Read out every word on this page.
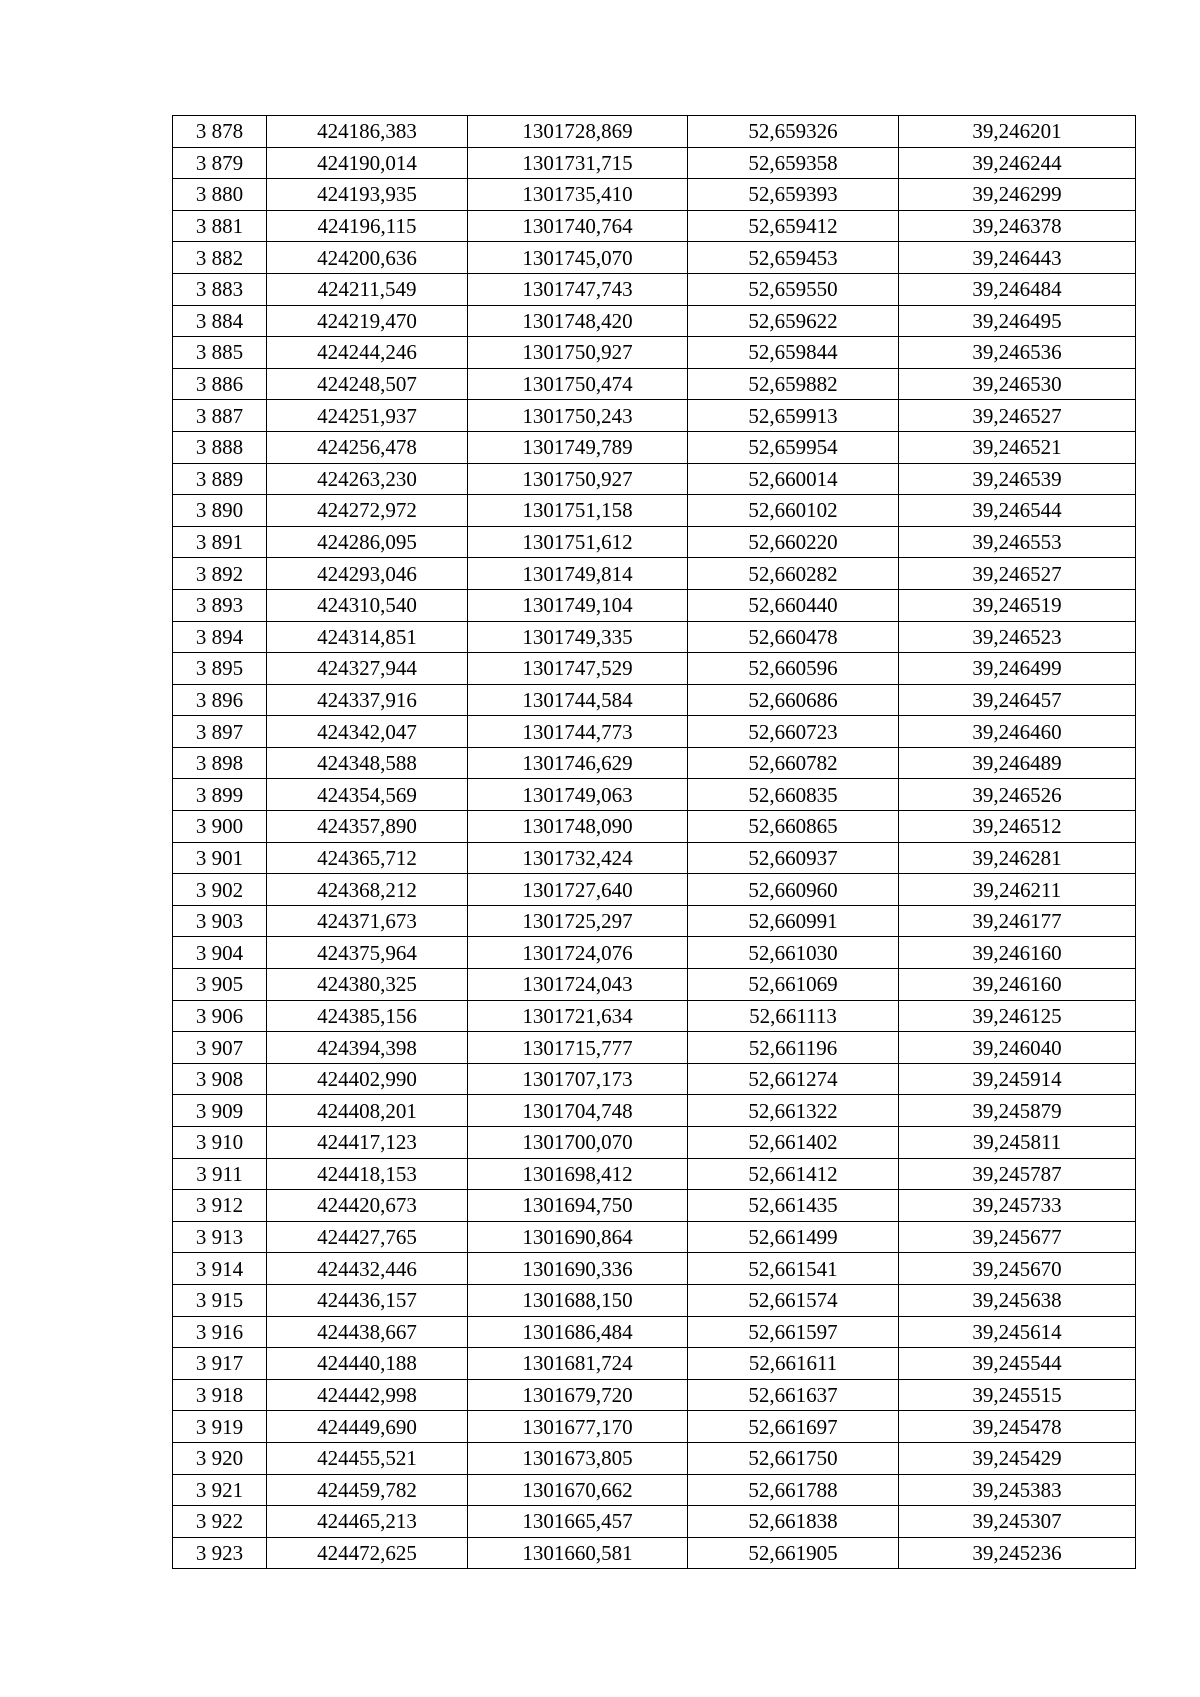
3 878	424186,383	1301728,869	52,659326	39,246201
3 879	424190,014	1301731,715	52,659358	39,246244
3 880	424193,935	1301735,410	52,659393	39,246299
3 881	424196,115	1301740,764	52,659412	39,246378
3 882	424200,636	1301745,070	52,659453	39,246443
3 883	424211,549	1301747,743	52,659550	39,246484
3 884	424219,470	1301748,420	52,659622	39,246495
3 885	424244,246	1301750,927	52,659844	39,246536
3 886	424248,507	1301750,474	52,659882	39,246530
3 887	424251,937	1301750,243	52,659913	39,246527
3 888	424256,478	1301749,789	52,659954	39,246521
3 889	424263,230	1301750,927	52,660014	39,246539
3 890	424272,972	1301751,158	52,660102	39,246544
3 891	424286,095	1301751,612	52,660220	39,246553
3 892	424293,046	1301749,814	52,660282	39,246527
3 893	424310,540	1301749,104	52,660440	39,246519
3 894	424314,851	1301749,335	52,660478	39,246523
3 895	424327,944	1301747,529	52,660596	39,246499
3 896	424337,916	1301744,584	52,660686	39,246457
3 897	424342,047	1301744,773	52,660723	39,246460
3 898	424348,588	1301746,629	52,660782	39,246489
3 899	424354,569	1301749,063	52,660835	39,246526
3 900	424357,890	1301748,090	52,660865	39,246512
3 901	424365,712	1301732,424	52,660937	39,246281
3 902	424368,212	1301727,640	52,660960	39,246211
3 903	424371,673	1301725,297	52,660991	39,246177
3 904	424375,964	1301724,076	52,661030	39,246160
3 905	424380,325	1301724,043	52,661069	39,246160
3 906	424385,156	1301721,634	52,661113	39,246125
3 907	424394,398	1301715,777	52,661196	39,246040
3 908	424402,990	1301707,173	52,661274	39,245914
3 909	424408,201	1301704,748	52,661322	39,245879
3 910	424417,123	1301700,070	52,661402	39,245811
3 911	424418,153	1301698,412	52,661412	39,245787
3 912	424420,673	1301694,750	52,661435	39,245733
3 913	424427,765	1301690,864	52,661499	39,245677
3 914	424432,446	1301690,336	52,661541	39,245670
3 915	424436,157	1301688,150	52,661574	39,245638
3 916	424438,667	1301686,484	52,661597	39,245614
3 917	424440,188	1301681,724	52,661611	39,245544
3 918	424442,998	1301679,720	52,661637	39,245515
3 919	424449,690	1301677,170	52,661697	39,245478
3 920	424455,521	1301673,805	52,661750	39,245429
3 921	424459,782	1301670,662	52,661788	39,245383
3 922	424465,213	1301665,457	52,661838	39,245307
3 923	424472,625	1301660,581	52,661905	39,245236
